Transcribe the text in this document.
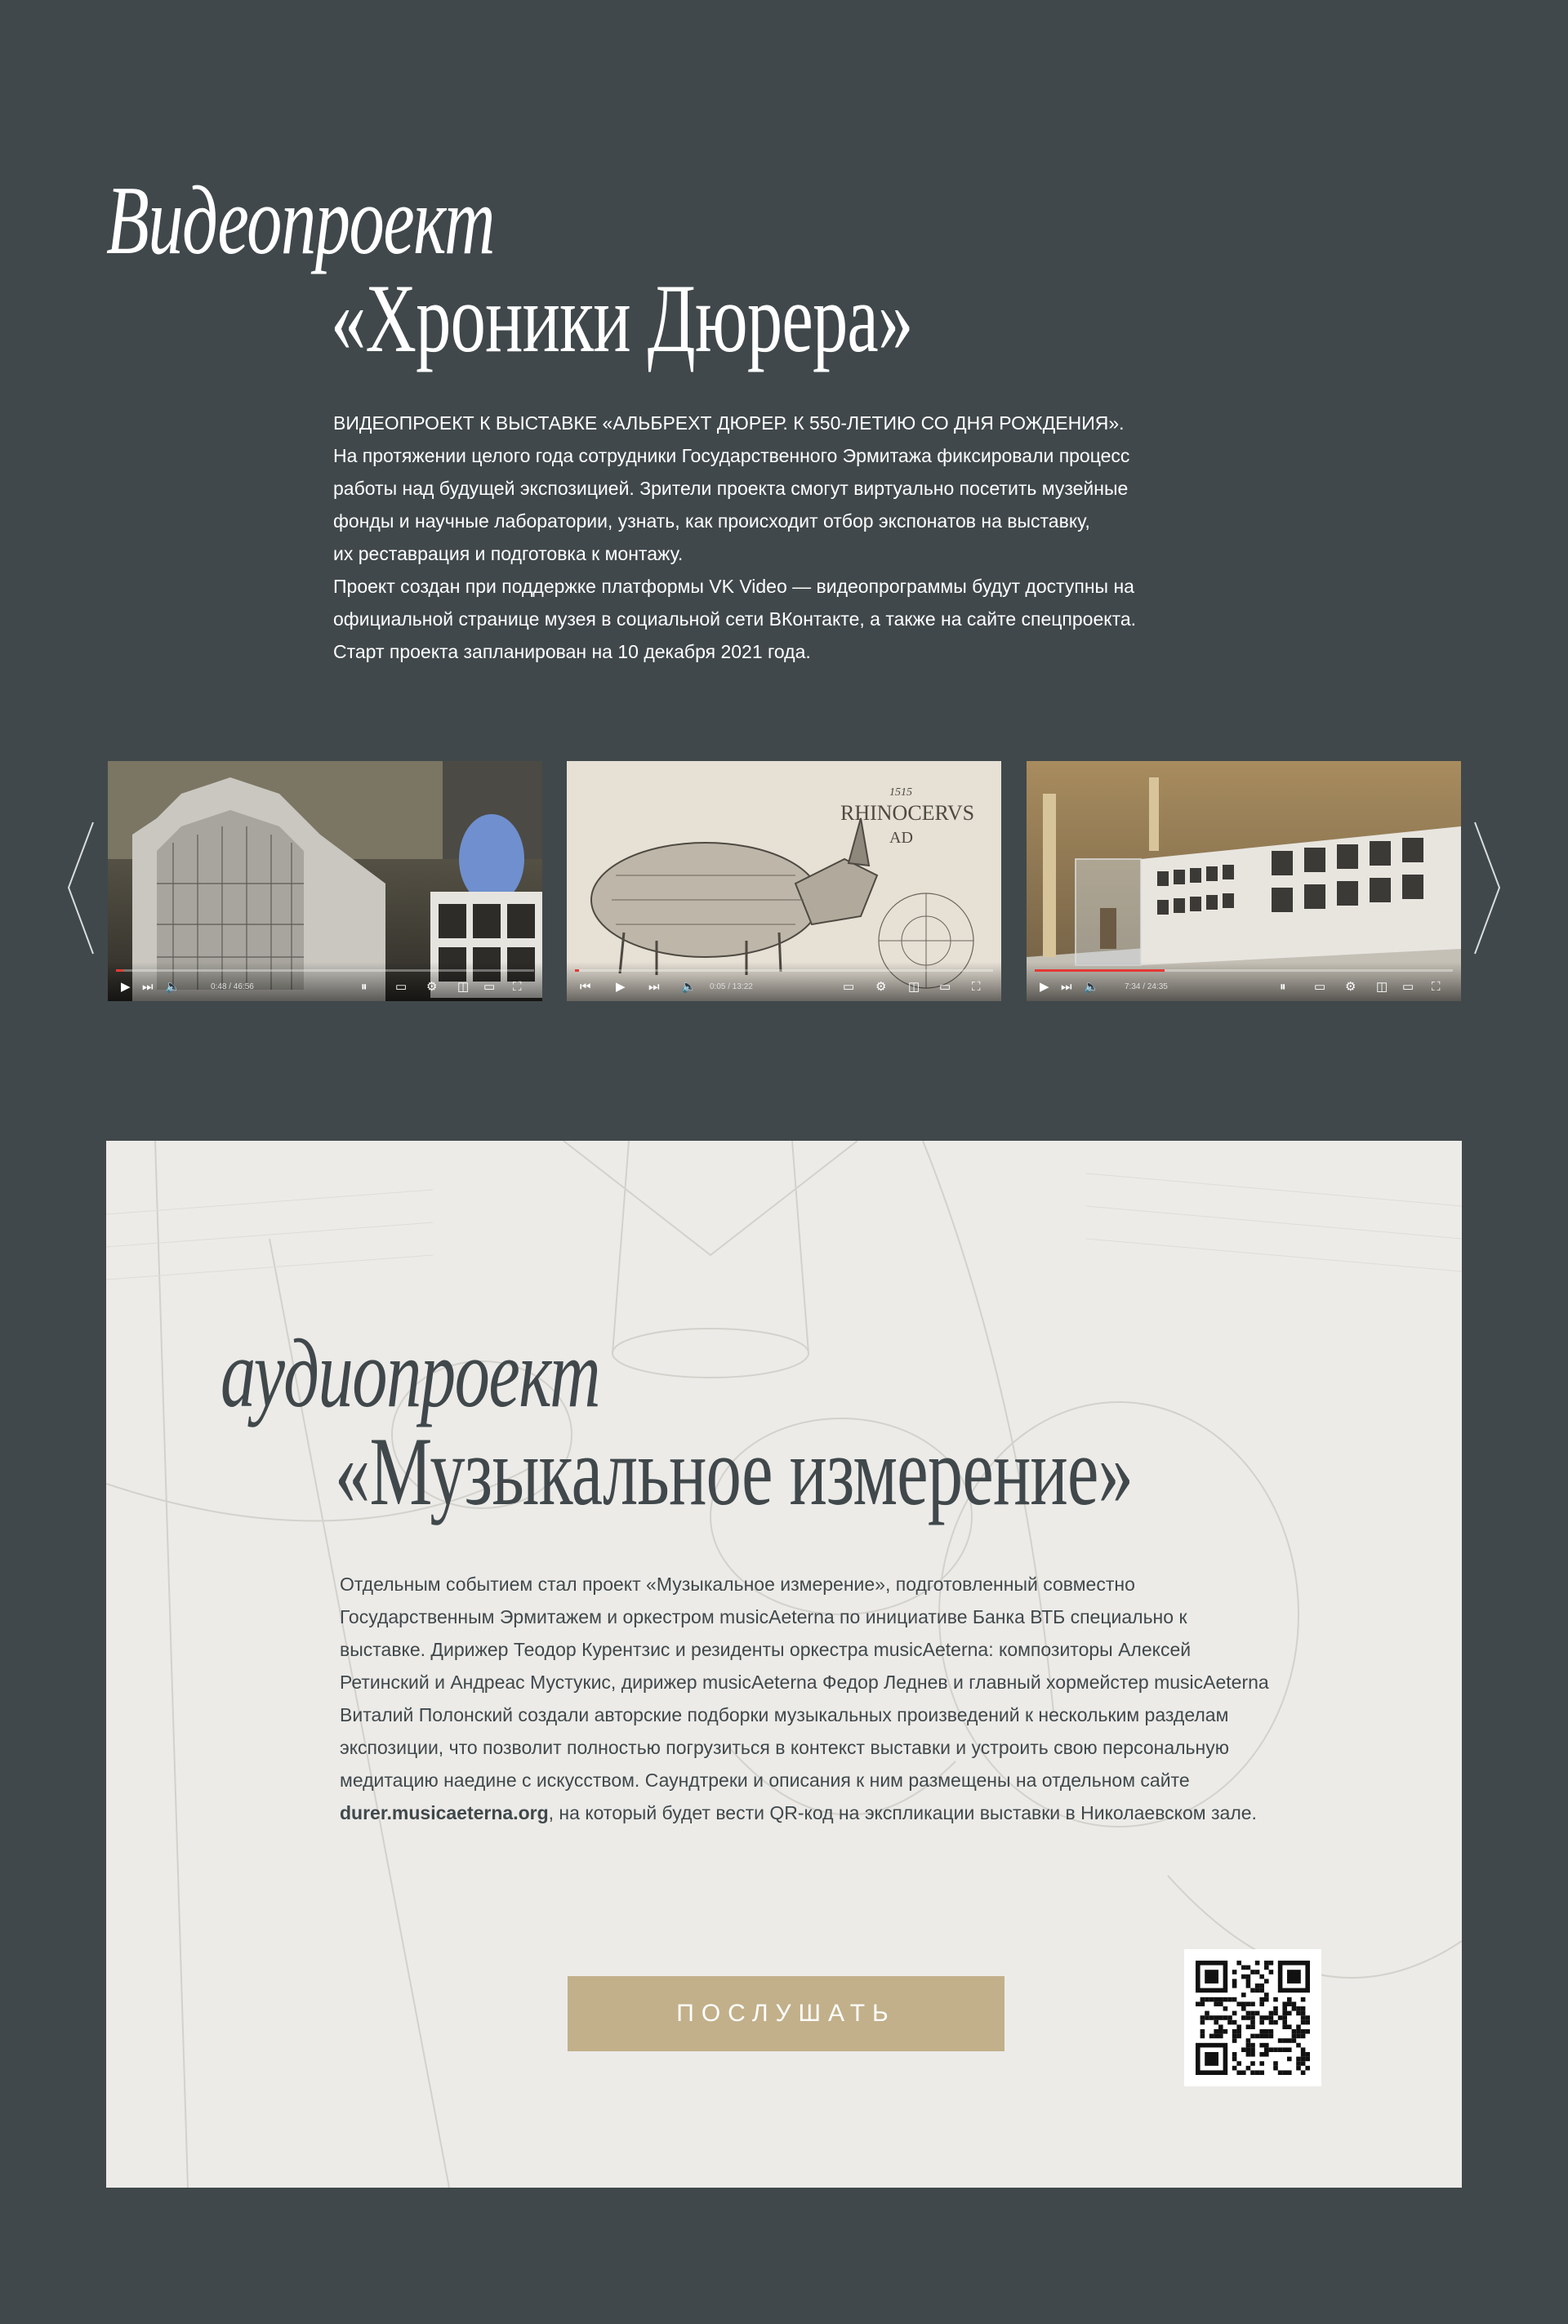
Видеопроект
«Хроники Дюрера»

ВИДЕОПРОЕКТ К ВЫСТАВКЕ «АЛЬБРЕХТ ДЮРЕР. К 550-ЛЕТИЮ СО ДНЯ РОЖДЕНИЯ».

На протяжении целого года сотрудники Государственного Эрмитажа фиксировали процесс
работы над будущей экспозицией. Зрители проекта смогут виртуально посетить музейные
фонды и научные лаборатории, узнать, как происходит отбор экспонатов на выставку,
их реставрация и подготовка к монтажу.

Проект создан при поддержке платформы VK Video — видеопрограммы будут доступны на
официальной странице музея в социальной сети ВКонтакте, а также на сайте спецпроекта.
Старт проекта запланирован на 10 декабря 2021 года.

▶ ⏭ 🔈	0:48 / 46:56	⏸ ▭ ⚙ ◫ ▭ ⛶
1515
RHINOCERVS
AD
⏮ ▶ ⏭ 🔈 0:05 / 13:22	▭ ⚙ ◫ ▭ ⛶	▶ ⏭ 🔈	7:34 / 24:35	⏸ ▭ ⚙ ◫ ▭ ⛶
аудиопроект
«Музыкальное измерение»
Отдельным событием стал проект «Музыкальное измерение», подготовленный совместно Государственным Эрмитажем и оркестром musicAeterna по инициативе Банка ВТБ специально к выставке. Дирижер Теодор Курентзис и резиденты оркестра musicAeterna: композиторы Алексей Ретинский и Андреас Мустукис, дирижер musicAeterna Федор Леднев и главный хормейстер musicAeterna Виталий Полонский создали авторские подборки музыкальных произведений к нескольким разделам экспозиции, что позволит полностью погрузиться в контекст выставки и устроить свою персональную медитацию наедине с искусством. Саундтреки и описания к ним размещены на отдельном сайте durer.musicaeterna.org, на который будет вести QR-код на экспликации выставки в Николаевском зале.
ПОСЛУШАТЬ
